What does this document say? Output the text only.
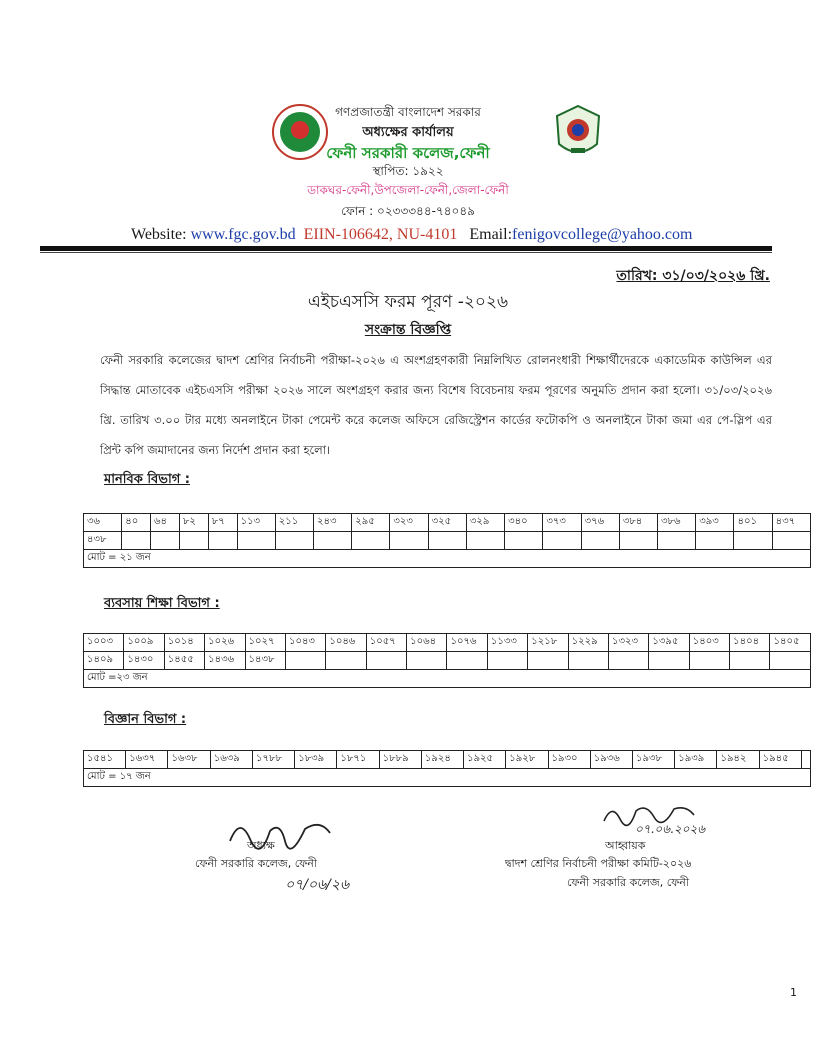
গণপ্রজাতন্ত্রী বাংলাদেশ সরকার
অধ্যক্ষের কার্যালয়
ফেনী সরকারী কলেজ,ফেনী
স্থাপিত: ১৯২২
ডাকঘর-ফেনী,উপজেলা-ফেনী,জেলা-ফেনী
ফোন : ০২৩৩৩৪৪-৭৪০৪৯
Website: www.fgc.gov.bd EIIN-106642, NU-4101 Email:fenigovcollege@yahoo.com
তারিখ: ৩১/০৩/২০২৬ খ্রি.
এইচএসসি ফরম পূরণ -২০২৬
সংক্রান্ত বিজ্ঞপ্তি
ফেনী সরকারি কলেজের দ্বাদশ শ্রেণির নির্বাচনী পরীক্ষা-২০২৬ এ অংশগ্রহণকারী নিম্নলিখিত রোলনংধারী শিক্ষার্থীদেরকে একাডেমিক কাউন্সিল এর সিদ্ধান্ত মোতাবেক এইচএসসি পরীক্ষা ২০২৬ সালে অংশগ্রহণ করার জন্য বিশেষ বিবেচনায় ফরম পূরণের অনুমতি প্রদান করা হলো। ৩১/০৩/২০২৬ খ্রি. তারিখ ৩.০০ টার মধ্যে অনলাইনে টাকা পেমেন্ট করে কলেজ অফিসে রেজিস্ট্রেশন কার্ডের ফটোকপি ও অনলাইনে টাকা জমা এর পে-স্লিপ এর প্রিন্ট কপি জমাদানের জন্য নির্দেশ প্রদান করা হলো।
মানবিক বিভাগ :
৩৬	৪০	৬৪	৮২	৮৭	১১৩	২১১	২৪৩	২৯৫	৩২৩	৩২৫	৩২৯	৩৪০	৩৭৩	৩৭৬	৩৮৪	৩৮৬	৩৯৩	৪০১	৪৩৭
৪৩৮																			
মোট = ২১ জন																			
ব্যবসায় শিক্ষা বিভাগ :
১০০৩	১০০৯	১০১৪	১০২৬	১০২৭	১০৪৩	১০৪৬	১০৫৭	১০৬৪	১০৭৬	১১৩৩	১২১৮	১২২৯	১৩২৩	১৩৯৫	১৪০৩	১৪০৪	১৪০৫
১৪০৯	১৪৩০	১৪৫৫	১৪৩৬	১৪৩৮													
মোট =২৩ জন																	
বিজ্ঞান বিভাগ :
১৫৪১	১৬৩৭	১৬৩৮	১৬৩৯	১৭৮৮	১৮৩৯	১৮৭১	১৮৮৯	১৯২৪	১৯২৫	১৯২৮	১৯৩০	১৯৩৬	১৯৩৮	১৯৩৯	১৯৪২	১৯৪৫	
মোট = ১৭ জন
অধ্যক্ষ
ফেনী সরকারি কলেজ, ফেনী
০৭/০৬/২৬
০৭.০৬.২০২৬
আহ্বায়ক
দ্বাদশ শ্রেণির নির্বাচনী পরীক্ষা কমিটি-২০২৬
ফেনী সরকারি কলেজ, ফেনী
1
